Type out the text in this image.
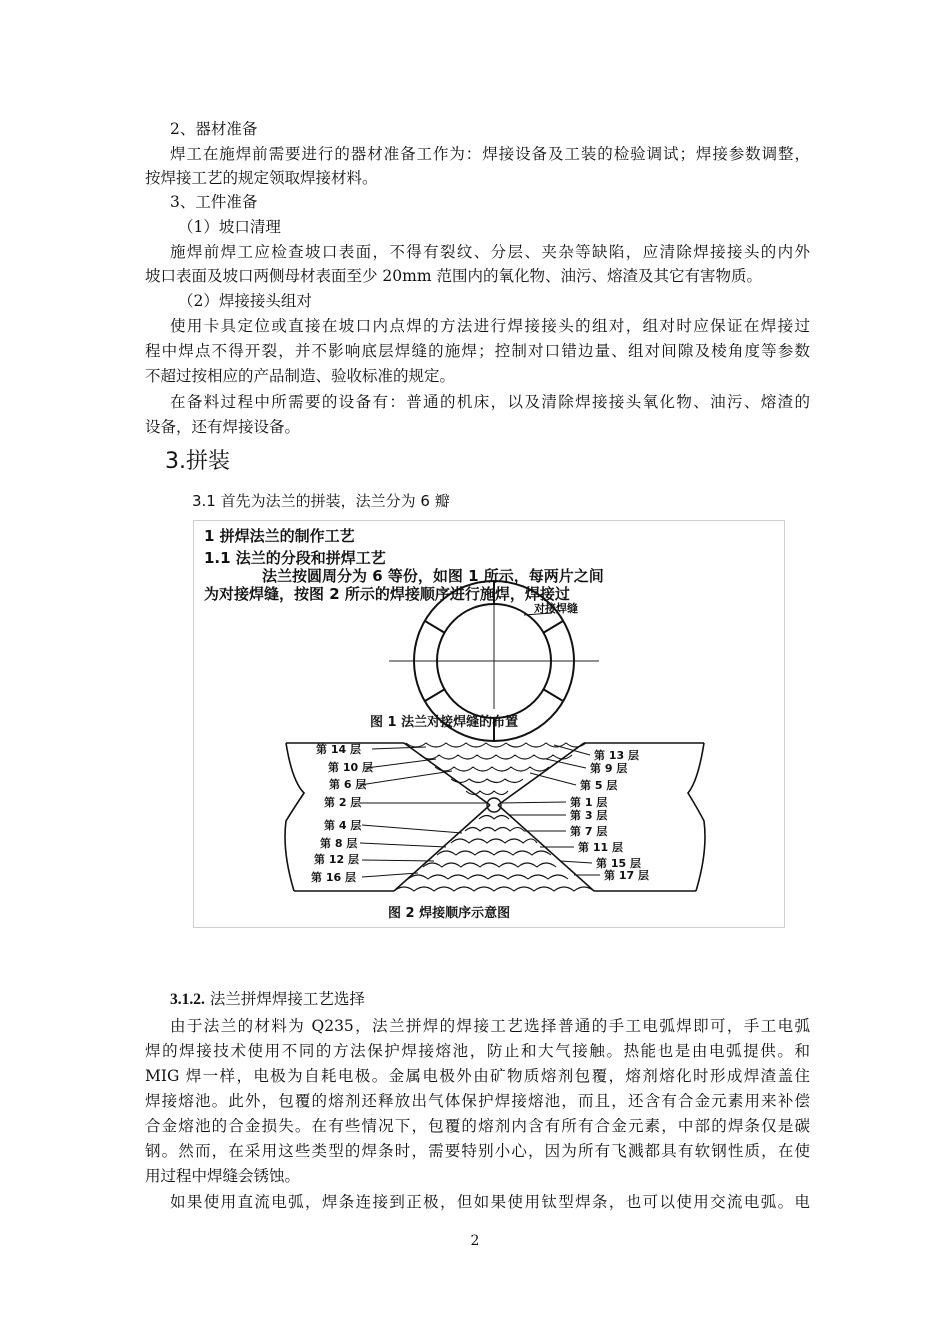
2、器材准备
焊工在施焊前需要进行的器材准备工作为：焊接设备及工装的检验调试；焊接参数调整，
按焊接工艺的规定领取焊接材料。
3、工件准备
（1）坡口清理
施焊前焊工应检查坡口表面，不得有裂纹、分层、夹杂等缺陷，应清除焊接接头的内外
坡口表面及坡口两侧母材表面至少 20mm 范围内的氧化物、油污、熔渣及其它有害物质。
（2）焊接接头组对
使用卡具定位或直接在坡口内点焊的方法进行焊接接头的组对，组对时应保证在焊接过
程中焊点不得开裂，并不影响底层焊缝的施焊；控制对口错边量、组对间隙及棱角度等参数
不超过按相应的产品制造、验收标准的规定。
在备料过程中所需要的设备有：普通的机床，以及清除焊接接头氧化物、油污、熔渣的
设备，还有焊接设备。
3.拼装
3.1 首先为法兰的拼装，法兰分为 6 瓣
1 拼焊法兰的制作工艺
1.1 法兰的分段和拼焊工艺
法兰按圆周分为 6 等份，如图 1 所示，每两片之间
为对接焊缝，按图 2 所示的焊接顺序进行施焊，焊接过
对接焊缝
图 1 法兰对接焊缝的布置
第 14 层
第 10 层
第 6 层
第 2 层
第 4 层
第 8 层
第 12 层
第 16 层
第 13 层
第 9 层
第 5 层
第 1 层
第 3 层
第 7 层
第 11 层
第 15 层
第 17 层
图 2 焊接顺序示意图
3.1.2. 法兰拼焊焊接工艺选择
由于法兰的材料为 Q235，法兰拼焊的焊接工艺选择普通的手工电弧焊即可，手工电弧
焊的焊接技术使用不同的方法保护焊接熔池，防止和大气接触。热能也是由电弧提供。和
MIG 焊一样，电极为自耗电极。金属电极外由矿物质熔剂包覆，熔剂熔化时形成焊渣盖住
焊接熔池。此外，包覆的熔剂还释放出气体保护焊接熔池，而且，还含有合金元素用来补偿
合金熔池的合金损失。在有些情况下，包覆的熔剂内含有所有合金元素，中部的焊条仅是碳
钢。然而，在采用这些类型的焊条时，需要特别小心，因为所有飞溅都具有软钢性质，在使
用过程中焊缝会锈蚀。
如果使用直流电弧，焊条连接到正极，但如果使用钛型焊条，也可以使用交流电弧。电
2
